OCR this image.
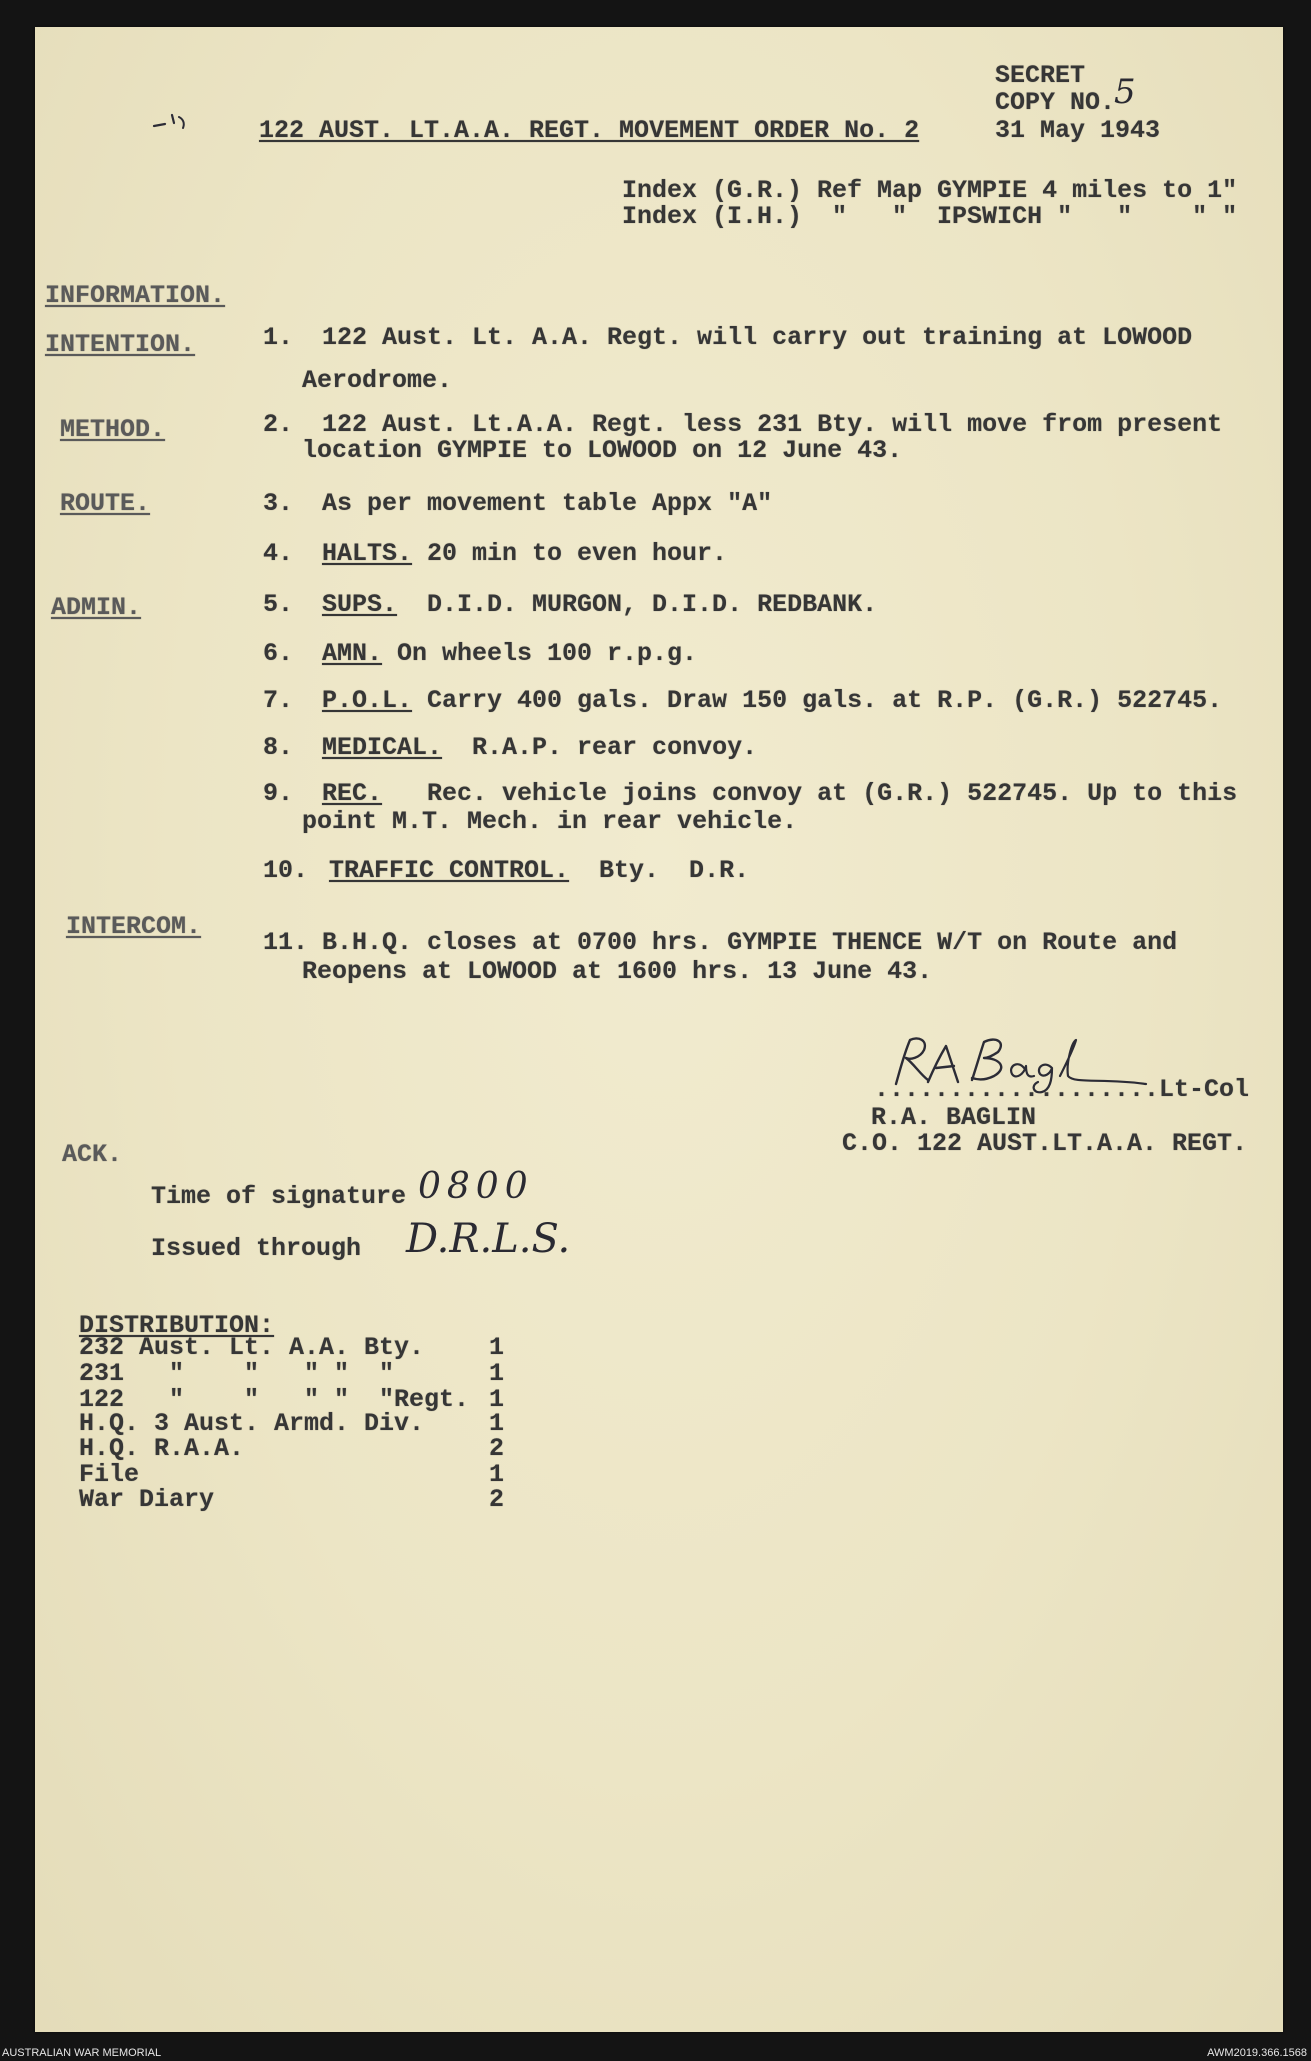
SECRET
COPY NO.
5
31 May 1943
122 AUST. LT.A.A. REGT. MOVEMENT ORDER No. 2
Index (G.R.) Ref Map GYMPIE 4 miles to 1"
Index (I.H.)  "   "  IPSWICH "   "    " "
INFORMATION.
INTENTION.
METHOD.
ROUTE.
ADMIN.
INTERCOM.
1. 122 Aust. Lt. A.A. Regt. will carry out training at LOWOOD
Aerodrome.
2. 122 Aust. Lt.A.A. Regt. less 231 Bty. will move from present
location GYMPIE to LOWOOD on 12 June 43.
3. As per movement table Appx "A"
4. HALTS. 20 min to even hour.
5. SUPS. D.I.D. MURGON, D.I.D. REDBANK.
6. AMN. On wheels 100 r.p.g.
7. P.O.L. Carry 400 gals. Draw 150 gals. at R.P. (G.R.) 522745.
8. MEDICAL. R.A.P. rear convoy.
9. REC. Rec. vehicle joins convoy at (G.R.) 522745. Up to this
point M.T. Mech. in rear vehicle.
10. TRAFFIC CONTROL. Bty.  D.R.
11. B.H.Q. closes at 0700 hrs. GYMPIE THENCE W/T on Route and
Reopens at LOWOOD at 1600 hrs. 13 June 43.
...................Lt-Col
R.A. BAGLIN
C.O. 122 AUST.LT.A.A. REGT.
ACK.
Time of signature 0800
Issued through D.R.L.S.
DISTRIBUTION:
232 Aust. Lt. A.A. Bty.	1
231   "    "   " "  "	1
122   "    "   " "  "Regt. 1
H.Q. 3 Aust. Armd. Div.	1
H.Q. R.A.A.	2
File	1
War Diary	2
AUSTRALIAN WAR MEMORIAL	AWM2019.366.1568
